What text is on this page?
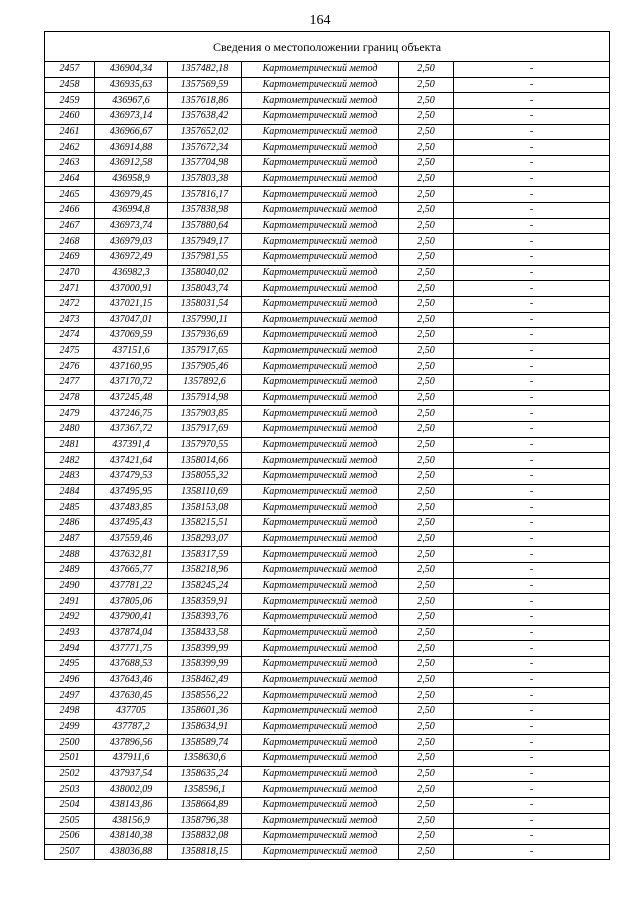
164
Сведения о местоположении границ объекта					
2457	436904,34	1357482,18	Картометрический метод	2,50	-
2458	436935,63	1357569,59	Картометрический метод	2,50	-
2459	436967,6	1357618,86	Картометрический метод	2,50	-
2460	436973,14	1357638,42	Картометрический метод	2,50	-
2461	436966,67	1357652,02	Картометрический метод	2,50	-
2462	436914,88	1357672,34	Картометрический метод	2,50	-
2463	436912,58	1357704,98	Картометрический метод	2,50	-
2464	436958,9	1357803,38	Картометрический метод	2,50	-
2465	436979,45	1357816,17	Картометрический метод	2,50	-
2466	436994,8	1357838,98	Картометрический метод	2,50	-
2467	436973,74	1357880,64	Картометрический метод	2,50	-
2468	436979,03	1357949,17	Картометрический метод	2,50	-
2469	436972,49	1357981,55	Картометрический метод	2,50	-
2470	436982,3	1358040,02	Картометрический метод	2,50	-
2471	437000,91	1358043,74	Картометрический метод	2,50	-
2472	437021,15	1358031,54	Картометрический метод	2,50	-
2473	437047,01	1357990,11	Картометрический метод	2,50	-
2474	437069,59	1357936,69	Картометрический метод	2,50	-
2475	437151,6	1357917,65	Картометрический метод	2,50	-
2476	437160,95	1357905,46	Картометрический метод	2,50	-
2477	437170,72	1357892,6	Картометрический метод	2,50	-
2478	437245,48	1357914,98	Картометрический метод	2,50	-
2479	437246,75	1357903,85	Картометрический метод	2,50	-
2480	437367,72	1357917,69	Картометрический метод	2,50	-
2481	437391,4	1357970,55	Картометрический метод	2,50	-
2482	437421,64	1358014,66	Картометрический метод	2,50	-
2483	437479,53	1358055,32	Картометрический метод	2,50	-
2484	437495,95	1358110,69	Картометрический метод	2,50	-
2485	437483,85	1358153,08	Картометрический метод	2,50	-
2486	437495,43	1358215,51	Картометрический метод	2,50	-
2487	437559,46	1358293,07	Картометрический метод	2,50	-
2488	437632,81	1358317,59	Картометрический метод	2,50	-
2489	437665,77	1358218,96	Картометрический метод	2,50	-
2490	437781,22	1358245,24	Картометрический метод	2,50	-
2491	437805,06	1358359,91	Картометрический метод	2,50	-
2492	437900,41	1358393,76	Картометрический метод	2,50	-
2493	437874,04	1358433,58	Картометрический метод	2,50	-
2494	437771,75	1358399,99	Картометрический метод	2,50	-
2495	437688,53	1358399,99	Картометрический метод	2,50	-
2496	437643,46	1358462,49	Картометрический метод	2,50	-
2497	437630,45	1358556,22	Картометрический метод	2,50	-
2498	437705	1358601,36	Картометрический метод	2,50	-
2499	437787,2	1358634,91	Картометрический метод	2,50	-
2500	437896,56	1358589,74	Картометрический метод	2,50	-
2501	437911,6	1358630,6	Картометрический метод	2,50	-
2502	437937,54	1358635,24	Картометрический метод	2,50	-
2503	438002,09	1358596,1	Картометрический метод	2,50	-
2504	438143,86	1358664,89	Картометрический метод	2,50	-
2505	438156,9	1358796,38	Картометрический метод	2,50	-
2506	438140,38	1358832,08	Картометрический метод	2,50	-
2507	438036,88	1358818,15	Картометрический метод	2,50	-
